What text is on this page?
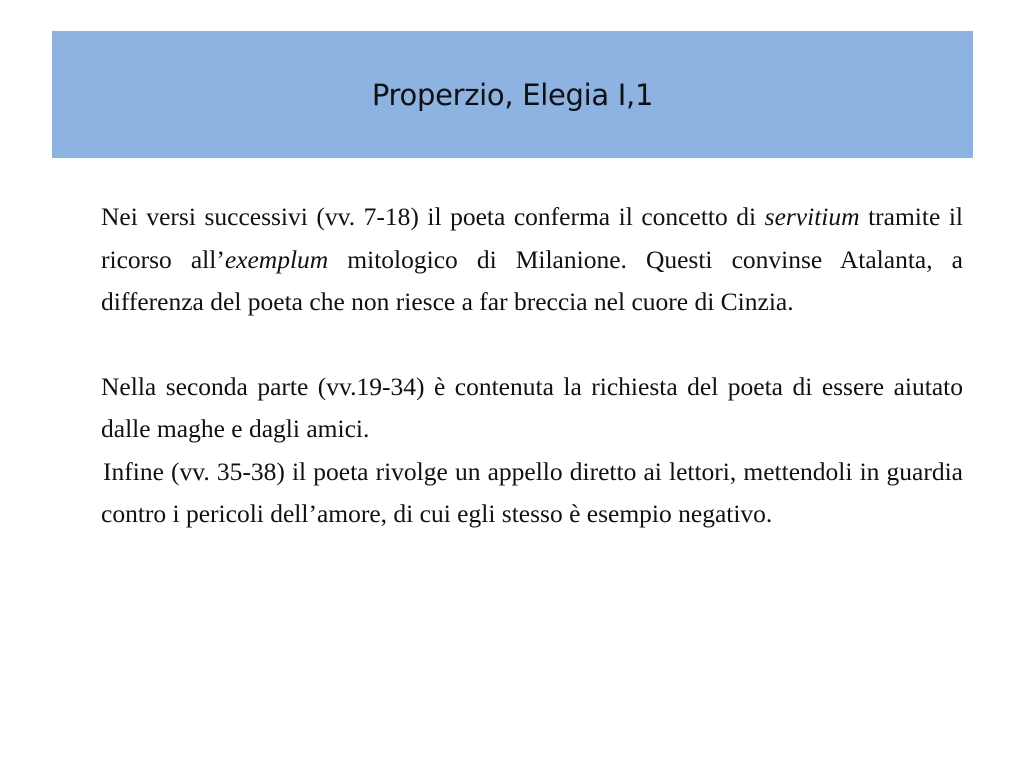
Properzio, Elegia I,1

Nei versi successivi (vv. 7-18) il poeta conferma il concetto di servitium tramite il ricorso all’exemplum mitologico di Milanione. Questi convinse Atalanta, a differenza del poeta che non riesce a far breccia nel cuore di Cinzia.

Nella seconda parte (vv.19-34) è contenuta la richiesta del poeta di essere aiutato dalle maghe e dagli amici.

Infine (vv. 35-38) il poeta rivolge un appello diretto ai lettori, mettendoli in guardia contro i pericoli dell’amore, di cui egli stesso è esempio negativo.
